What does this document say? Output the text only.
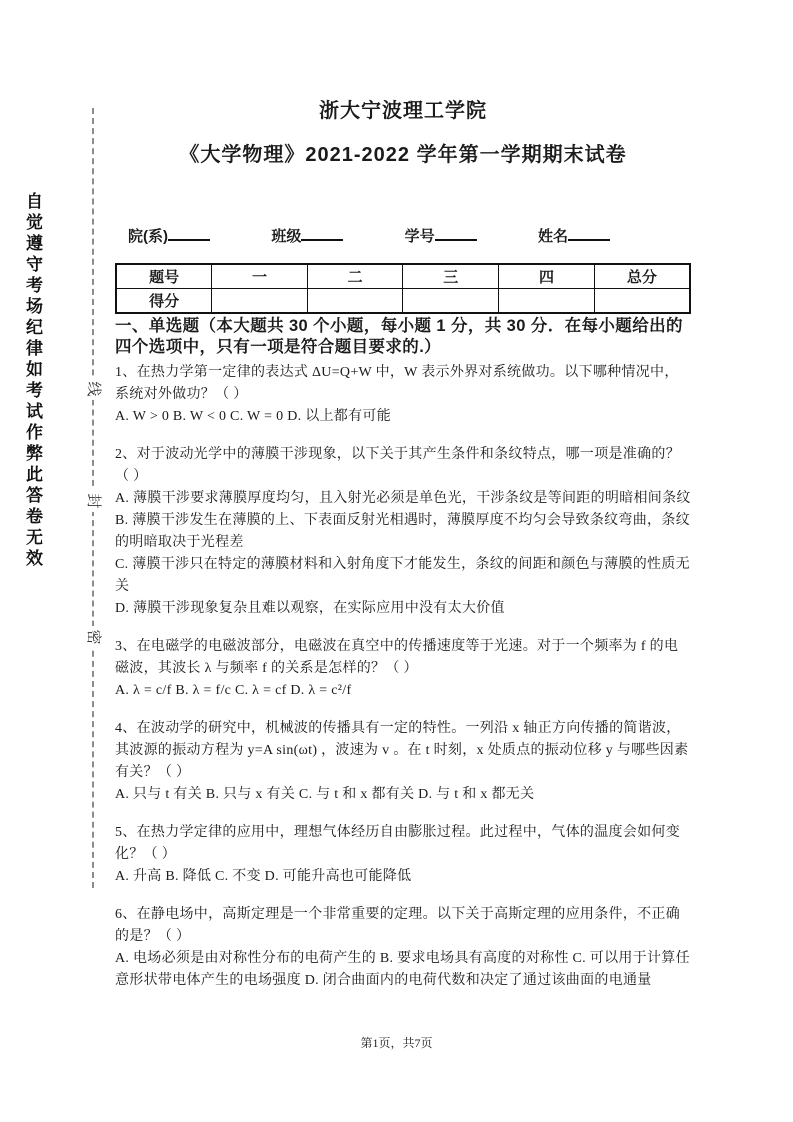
自觉遵守考场纪律如考试作弊此答卷无效	线
封
密
浙大宁波理工学院
《大学物理》2021-2022 学年第一学期期末试卷
院(系)	班级	学号	姓名
题号	一	二	三	四	总分
得分					
一、单选题（本大题共 30 个小题，每小题 1 分，共 30 分．在每小题给出的四个选项中，只有一项是符合题目要求的.）

1、在热力学第一定律的表达式 ΔU=Q+W 中，W 表示外界对系统做功。以下哪种情况中，系统对外做功？（ ）

A. W > 0 B. W < 0 C. W = 0 D. 以上都有可能

2、对于波动光学中的薄膜干涉现象，以下关于其产生条件和条纹特点，哪一项是准确的？（ ）

A. 薄膜干涉要求薄膜厚度均匀，且入射光必须是单色光，干涉条纹是等间距的明暗相间条纹

B. 薄膜干涉发生在薄膜的上、下表面反射光相遇时，薄膜厚度不均匀会导致条纹弯曲，条纹的明暗取决于光程差

C. 薄膜干涉只在特定的薄膜材料和入射角度下才能发生，条纹的间距和颜色与薄膜的性质无关

D. 薄膜干涉现象复杂且难以观察，在实际应用中没有太大价值

3、在电磁学的电磁波部分，电磁波在真空中的传播速度等于光速。对于一个频率为 f 的电磁波，其波长 λ 与频率 f 的关系是怎样的？（ ）

A. λ = c/f B. λ = f/c C. λ = cf D. λ = c²/f

4、在波动学的研究中，机械波的传播具有一定的特性。一列沿 x 轴正方向传播的简谐波，其波源的振动方程为 y=A sin(ωt) ，波速为 v 。在 t 时刻，x 处质点的振动位移 y 与哪些因素有关？（ ）

A. 只与 t 有关 B. 只与 x 有关 C. 与 t 和 x 都有关 D. 与 t 和 x 都无关

5、在热力学定律的应用中，理想气体经历自由膨胀过程。此过程中，气体的温度会如何变化？（ ）

A. 升高 B. 降低 C. 不变 D. 可能升高也可能降低

6、在静电场中，高斯定理是一个非常重要的定理。以下关于高斯定理的应用条件，不正确的是？（ ）

A. 电场必须是由对称性分布的电荷产生的 B. 要求电场具有高度的对称性 C. 可以用于计算任意形状带电体产生的电场强度 D. 闭合曲面内的电荷代数和决定了通过该曲面的电通量

第1页，共7页
